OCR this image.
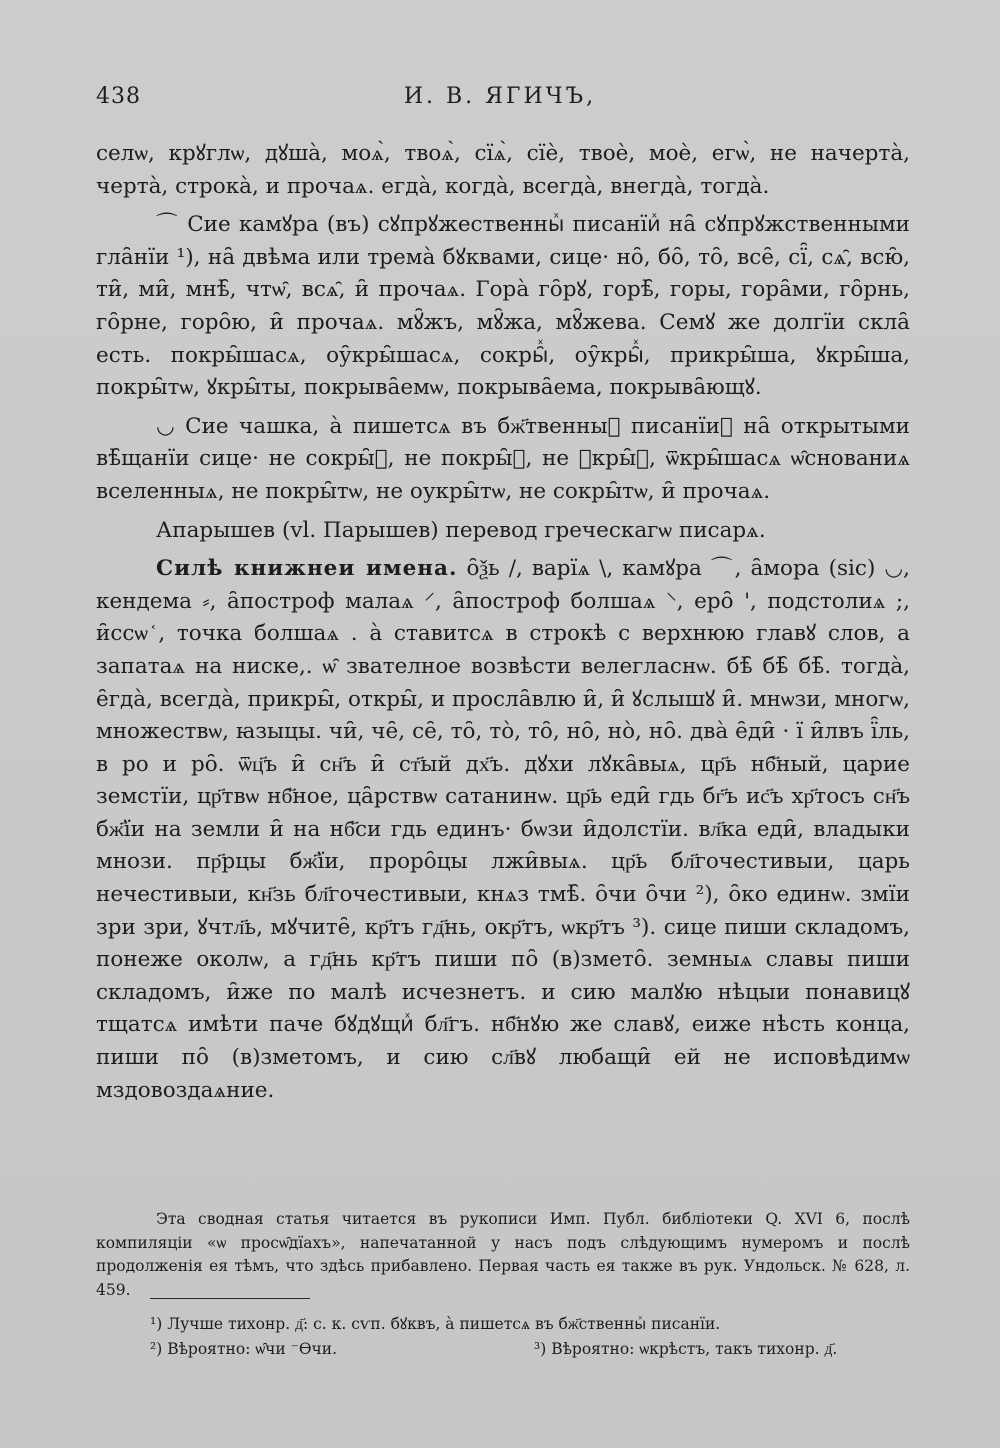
438	И. В. ЯГИЧЪ,

селѡ, крꙋглѡ, дꙋша̀, моѧ̀, твоѧ̀, сїѧ̀, сїѐ, твоѐ, моѐ, егѡ̀, не начерта̀, черта̀, строка̀, и прочаѧ. егда̀, когда̀, всегда̀, внегда̀, тогда̀.

⌒ Сие камꙋра (въ) сꙋпрꙋжественныⷯ писанїиⷯ на̑ сꙋпрꙋжственными гла̑нїи ¹), на̑ двѣма или трема̀ бꙋквами, сице· но̑, бо̑, то̑, все̑, сї̑, сѧ̑, всю̑, ти̑, ми̑, мнѣ̑, чтѡ̑, всѧ̑, и̑ прочаѧ. Гора̀ го̑рꙋ, горѣ̑, горы, гора̑ми, го̑рнь, го̑рне, горо̑ю, и̑ прочаѧ. мꙋ̑жъ, мꙋ̑жа, мꙋ̑жева. Семꙋ же долгїи скла̑ есть. покры̑шасѧ, оу̑кры̑шасѧ, сокры̑ⷯ, оу̑кры̑ⷯ, прикры̑ша, ꙋкры̑ша, покры̑тѡ, ꙋкры̑ты, покрыва̑емѡ, покрыва̑ема, покрыва̑ющꙋ.

◡ Сие чашка, а̀ пишетсѧ въ бж҃твенныⷯ писанїиⷯ на̑ открытыми вѣ̑щанїи сице· не сокры̑ⷯ, не покры̑ⷯ, не ꙋкры̑ⷯ, ѿкры̑шасѧ ѡ̑снованиѧ вселенныѧ, не покры̑тѡ, не оукры̑тѡ, не сокры̑тѡ, и̑ прочаѧ.

Апарышев (vl. Парышев) перевод греческагѡ писарѧ.

Силѣ книжнеи имена. о̑ѯь /, варїѧ \, камꙋра ⌒, а̑мора (sic) ◡, кендема ⸗, а̑построф малаѧ ⸍, а̑построф болшаѧ ⸌, еро̑ ', подстолиѧ ;, и̑ссѡ ᷾, точка болшаѧ . а̀ ставитсѧ в строкѣ с верхнюю главꙋ слов, а запатаѧ на ниске,. ѡ̑ звателное возвѣсти велегласнѡ. бѣ̑ бѣ̑ бѣ̑. тогда̀, е̑гда̀, всегда̀, прикры̑, откры̑, и просла̑влю и̑, и̑ ꙋслышꙋ и̑. мнѡзи, многѡ, множествѡ, ꙗзыцы. чи̑, че̑, се̑, то̑, то̀, то̑, но̑, но̀, но̑. два̀ е̑ди̑ · ї и̑лвъ ї̑ль, в ро и ро̑. ѿц҃ъ и̑ сн҃ъ и̑ ст҃ый дх҃ъ. дꙋхи лꙋка̑выѧ, цр҃ь нб҃ный, царие земстїи, цр҃твѡ нб҃ное, ца̑рствѡ сатанинѡ. цр҃ь еди̑ гдь бг҃ъ ис҃ъ хр҃тосъ сн҃ъ бж҃їи на земли и̑ на нб҃си гдь единъ· бѡзи и̑долстїи. вл҃ка еди̑, владыки мнози. пр҃рцы бж҃їи, проро̑цы лжи̑выѧ. цр҃ь бл҃гочестивыи, царь нечестивыи, кн҃зь бл҃гочестивыи, кнѧз тмѣ̑. о̑чи о̑чи ²), о̑ко единѡ. змїи зри зри, ꙋчтл҃ь, мꙋчите̑, кр҃тъ гд҃нь, окр҃тъ, ѡкр҃тъ ³). сице пиши складомъ, понеже околѡ, а гд҃нь кр҃тъ пиши по̑ (в)змето̑. земныѧ славы пиши складомъ, и̑же по малѣ исчезнетъ. и сию малꙋю нѣцыи понавицꙋ тщатсѧ имѣти паче бꙋдꙋщиⷯ бл҃гъ. нб҃нꙋю же славꙋ, еиже нѣсть конца, пиши по̑ (в)зметомъ, и сию сл҃вꙋ любащи̑ ей не исповѣдимѡ мздовоздаѧние.

Эта сводная статья читается въ рукописи Имп. Публ. библіотеки Q. XVI 6, послѣ компиляціи «ѡ просѡ̑дїахъ», напечатанной у насъ подъ слѣдующимъ нумеромъ и послѣ продолженія ея тѣмъ, что здѣсь прибавлено. Первая часть ея также въ рук. Ундольск. № 628, л. 459.

¹) Лучше тихонр. д҃: с. к. сѵп. бꙋквъ, а̀ пишетсѧ въ бж҃ственныⷯ писанїи.
²) Вѣроятно: ѡ̑чи ⁻Ѳчи.	³) Вѣроятно: ѡкрѣстъ, такъ тихонр. д҃.
